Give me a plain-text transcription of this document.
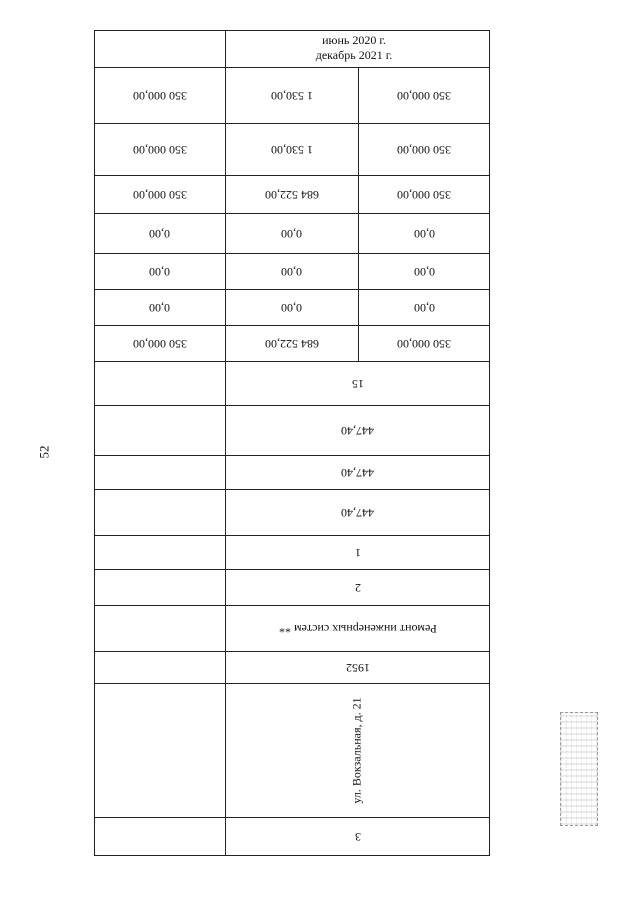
52
декабрь 2021 г.
июнь 2020 г.
350 000,00	1 530,00	350 000,00
350 000,00	1 530,00	350 000,00
350 000,00	684 522,00	350 000,00
0,00	0,00	0,00
0,00	0,00	0,00
0,00	0,00	0,00
350 000,00	684 522,00	350 000,00
15
447,40
447,40
447,40
1
2
Ремонт инженерных систем **
1952
ул. Вокзальная, д. 21
3
